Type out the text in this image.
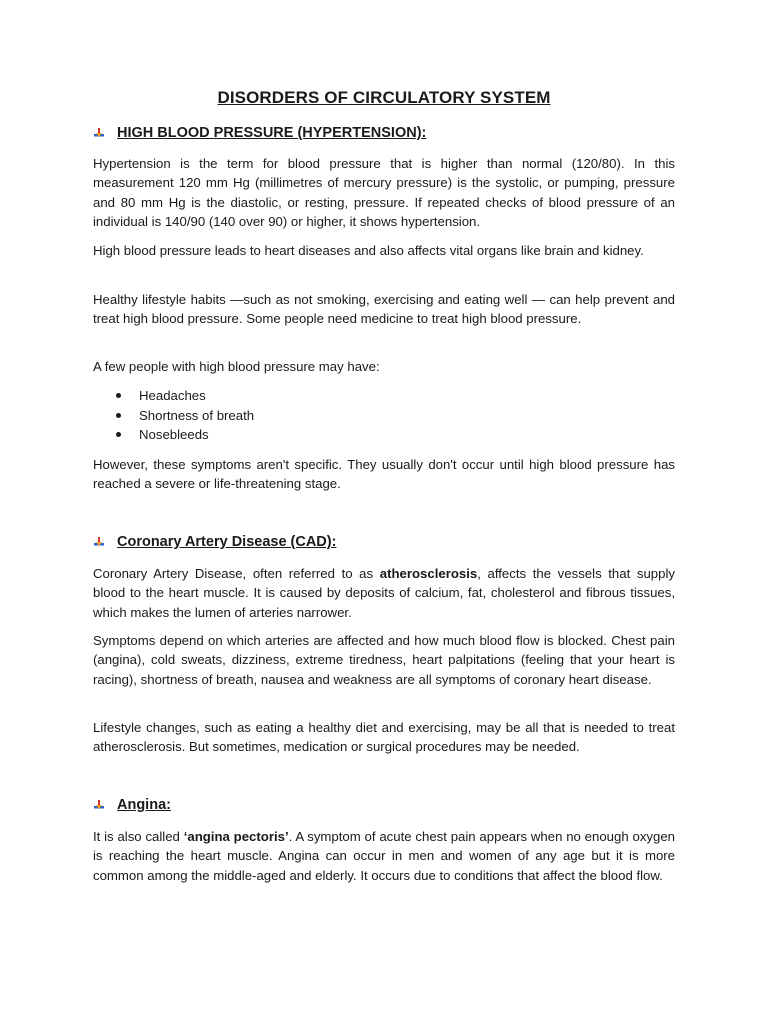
DISORDERS OF CIRCULATORY SYSTEM
HIGH BLOOD PRESSURE (HYPERTENSION):

Hypertension is the term for blood pressure that is higher than normal (120/80). In this measurement 120 mm Hg (millimetres of mercury pressure) is the systolic, or pumping, pressure and 80 mm Hg is the diastolic, or resting, pressure. If repeated checks of blood pressure of an individual is 140/90 (140 over 90) or higher, it shows hypertension.

High blood pressure leads to heart diseases and also affects vital organs like brain and kidney.

Healthy lifestyle habits —such as not smoking, exercising and eating well — can help prevent and treat high blood pressure. Some people need medicine to treat high blood pressure.

A few people with high blood pressure may have:

Headaches
Shortness of breath
Nosebleeds

However, these symptoms aren't specific. They usually don't occur until high blood pressure has reached a severe or life-threatening stage.

Coronary Artery Disease (CAD):

Coronary Artery Disease, often referred to as atherosclerosis, affects the vessels that supply blood to the heart muscle. It is caused by deposits of calcium, fat, cholesterol and fibrous tissues, which makes the lumen of arteries narrower.

Symptoms depend on which arteries are affected and how much blood flow is blocked. Chest pain (angina), cold sweats, dizziness, extreme tiredness, heart palpitations (feeling that your heart is racing), shortness of breath, nausea and weakness are all symptoms of coronary heart disease.

Lifestyle changes, such as eating a healthy diet and exercising, may be all that is needed to treat atherosclerosis. But sometimes, medication or surgical procedures may be needed.

Angina:

It is also called ‘angina pectoris’. A symptom of acute chest pain appears when no enough oxygen is reaching the heart muscle. Angina can occur in men and women of any age but it is more common among the middle-aged and elderly. It occurs due to conditions that affect the blood flow.
